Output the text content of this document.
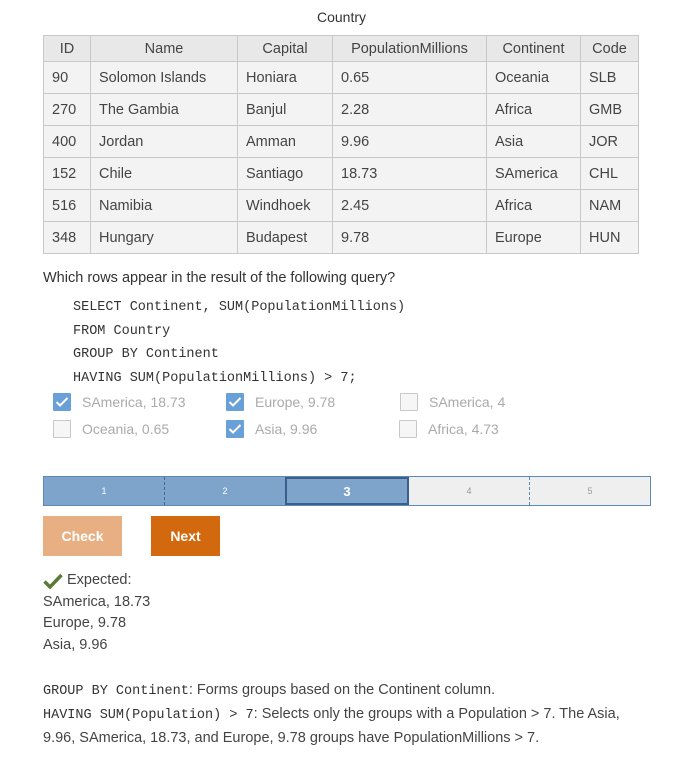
Country
ID	Name	Capital	PopulationMillions	Continent	Code
90	Solomon Islands	Honiara	0.65	Oceania	SLB
270	The Gambia	Banjul	2.28	Africa	GMB
400	Jordan	Amman	9.96	Asia	JOR
152	Chile	Santiago	18.73	SAmerica	CHL
516	Namibia	Windhoek	2.45	Africa	NAM
348	Hungary	Budapest	9.78	Europe	HUN
Which rows appear in the result of the following query?
SELECT Continent, SUM(PopulationMillions)
FROM Country
GROUP BY Continent
HAVING SUM(PopulationMillions) > 7;
SAmerica, 18.73	Europe, 9.78	SAmerica, 4
Oceania, 0.65	Asia, 9.96	Africa, 4.73
1	2	3	4	5
Check	Next
Expected:
SAmerica, 18.73
Europe, 9.78
Asia, 9.96
GROUP BY Continent: Forms groups based on the Continent column.
HAVING SUM(Population) > 7: Selects only the groups with a Population > 7. The Asia, 9.96, SAmerica, 18.73, and Europe, 9.78 groups have PopulationMillions > 7.
